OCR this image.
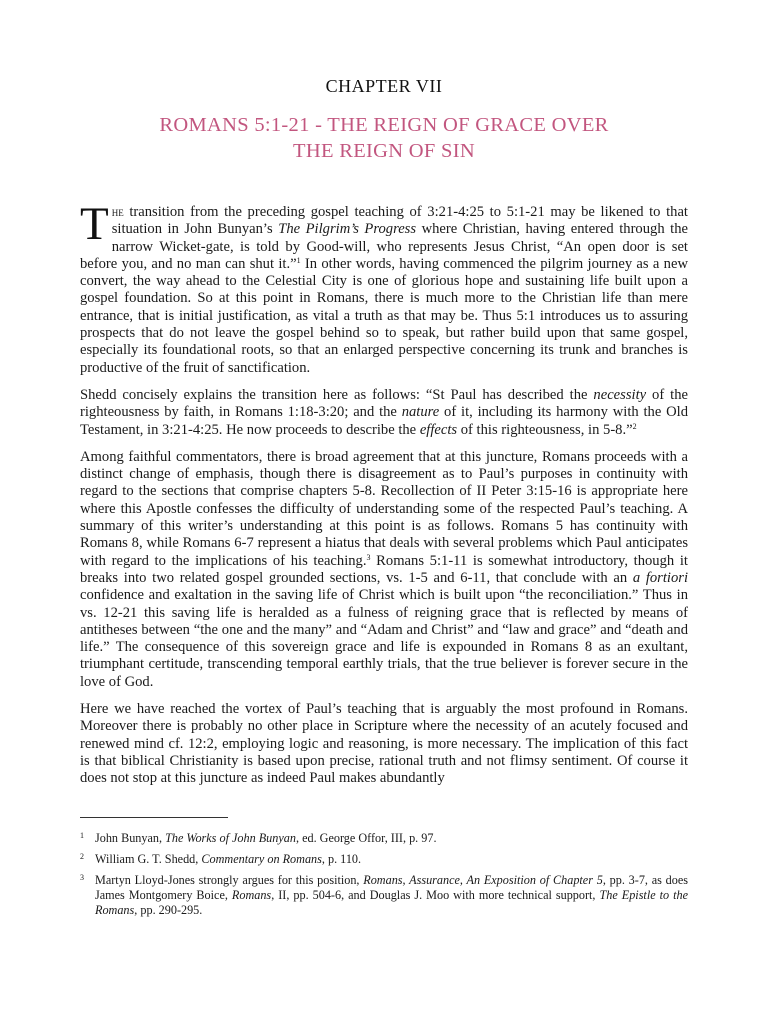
CHAPTER VII
ROMANS 5:1-21 - THE REIGN OF GRACE OVER
THE REIGN OF SIN

The transition from the preceding gospel teaching of 3:21-4:25 to 5:1-21 may be likened to that situation in John Bunyan’s The Pilgrim’s Progress where Christian, having entered through the narrow Wicket-gate, is told by Good-will, who represents Jesus Christ, “An open door is set before you, and no man can shut it.”$^1$ In other words, having commenced the pilgrim journey as a new convert, the way ahead to the Celestial City is one of glorious hope and sustaining life built upon a gospel foundation. So at this point in Romans, there is much more to the Christian life than mere entrance, that is initial justification, as vital a truth as that may be. Thus 5:1 introduces us to assuring prospects that do not leave the gospel behind so to speak, but rather build upon that same gospel, especially its foundational roots, so that an enlarged perspective concerning its trunk and branches is productive of the fruit of sanctification.

Shedd concisely explains the transition here as follows: “St Paul has described the necessity of the righteousness by faith, in Romans 1:18-3:20; and the nature of it, including its harmony with the Old Testament, in 3:21-4:25. He now proceeds to describe the effects of this righteousness, in 5-8.”$^2$

Among faithful commentators, there is broad agreement that at this juncture, Romans proceeds with a distinct change of emphasis, though there is disagreement as to Paul’s purposes in continuity with regard to the sections that comprise chapters 5-8. Recollection of II Peter 3:15-16 is appropriate here where this Apostle confesses the difficulty of understanding some of the respected Paul’s teaching. A summary of this writer’s understanding at this point is as follows. Romans 5 has continuity with Romans 8, while Romans 6-7 represent a hiatus that deals with several problems which Paul anticipates with regard to the implications of his teaching.$^3$ Romans 5:1-11 is somewhat introductory, though it breaks into two related gospel grounded sections, vs. 1-5 and 6-11, that conclude with an a fortiori confidence and exaltation in the saving life of Christ which is built upon “the reconciliation.” Thus in vs. 12-21 this saving life is heralded as a fulness of reigning grace that is reflected by means of antitheses between “the one and the many” and “Adam and Christ” and “law and grace” and “death and life.” The consequence of this sovereign grace and life is expounded in Romans 8 as an exultant, triumphant certitude, transcending temporal earthly trials, that the true believer is forever secure in the love of God.

Here we have reached the vortex of Paul’s teaching that is arguably the most profound in Romans. Moreover there is probably no other place in Scripture where the necessity of an acutely focused and renewed mind cf. 12:2, employing logic and reasoning, is more necessary. The implication of this fact is that biblical Christianity is based upon precise, rational truth and not flimsy sentiment. Of course it does not stop at this juncture as indeed Paul makes abundantly

1 John Bunyan, The Works of John Bunyan, ed. George Offor, III, p. 97.
2 William G. T. Shedd, Commentary on Romans, p. 110.
3 Martyn Lloyd-Jones strongly argues for this position, Romans, Assurance, An Exposition of Chapter 5, pp. 3-7, as does James Montgomery Boice, Romans, II, pp. 504-6, and Douglas J. Moo with more technical support, The Epistle to the Romans, pp. 290-295.
